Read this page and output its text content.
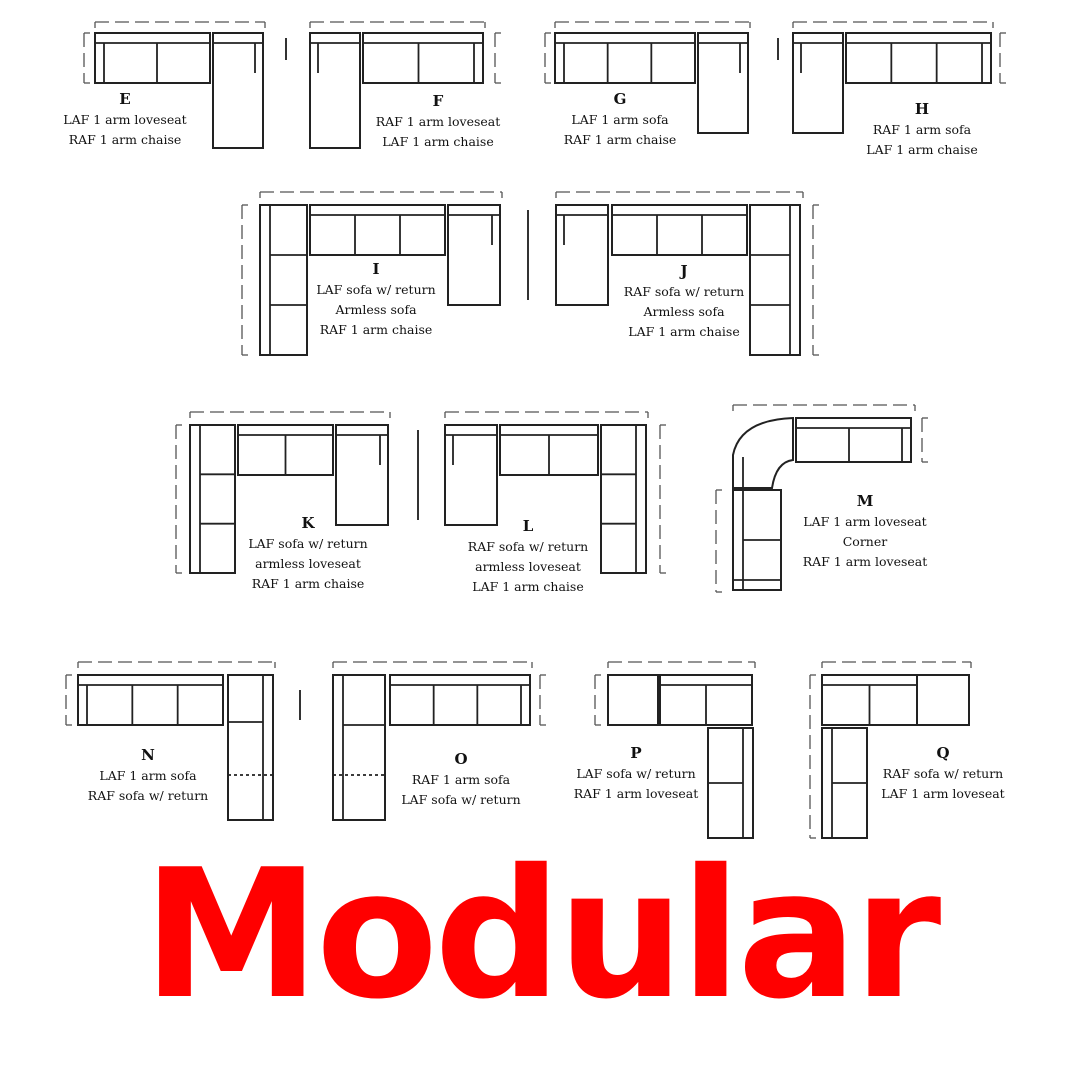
E
LAF 1 arm loveseat
RAF 1 arm chaise
F
RAF 1 arm loveseat
LAF 1 arm chaise
G
LAF 1 arm sofa
RAF 1 arm chaise
H
RAF 1 arm sofa
LAF 1 arm chaise
I
LAF sofa w/ return
Armless sofa
RAF 1 arm chaise
J
RAF sofa w/ return
Armless sofa
LAF 1 arm chaise
K
LAF sofa w/ return
armless loveseat
RAF 1 arm chaise
L
RAF sofa w/ return
armless loveseat
LAF 1 arm chaise
M
LAF 1 arm loveseat
Corner
RAF 1 arm loveseat
N
LAF 1 arm sofa
RAF sofa w/ return
O
RAF 1 arm sofa
LAF sofa w/ return
P
LAF sofa w/ return
RAF 1 arm loveseat
Q
RAF sofa w/ return
LAF 1 arm loveseat
Modular
